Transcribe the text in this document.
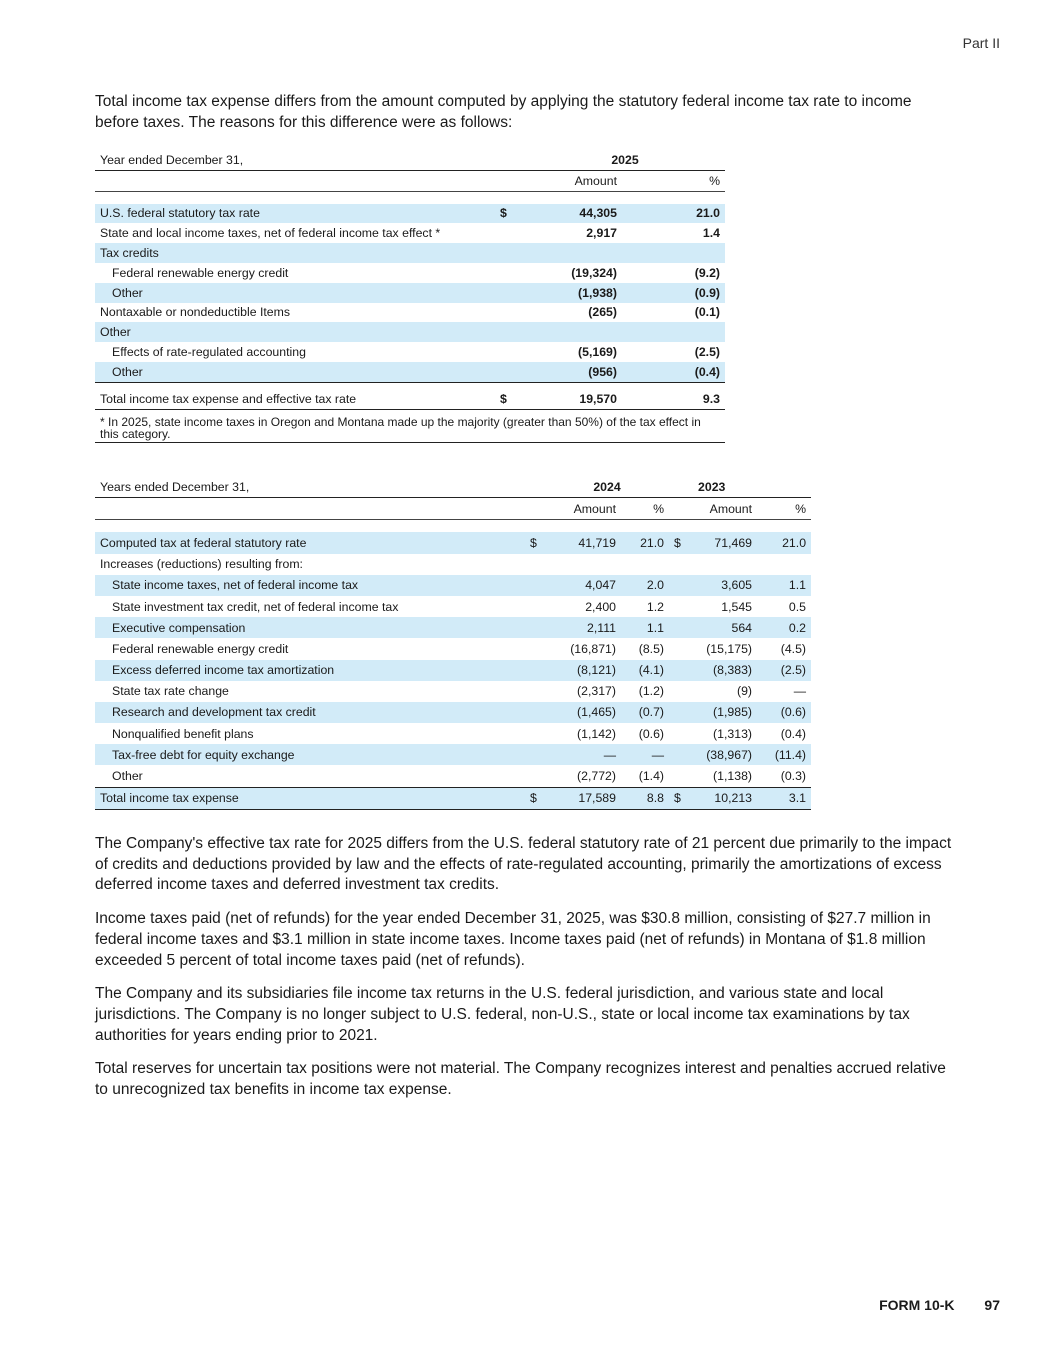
Part II

Total income tax expense differs from the amount computed by applying the statutory federal income tax rate to income before taxes. The reasons for this difference were as follows:

Year ended December 31,		2025	
		Amount	%

U.S. federal statutory tax rate	$	44,305	21.0
State and local income taxes, net of federal income tax effect *		2,917	1.4
Tax credits			
Federal renewable energy credit		(19,324)	(9.2)
Other		(1,938)	(0.9)
Nontaxable or nondeductible Items		(265)	(0.1)
Other			
Effects of rate-regulated accounting		(5,169)	(2.5)
Other		(956)	(0.4)

Total income tax expense and effective tax rate	$	19,570	9.3
* In 2025, state income taxes in Oregon and Montana made up the majority (greater than 50%) of the tax effect in this category.			
Years ended December 31,		2024			2023	
		Amount	%		Amount	%

Computed tax at federal statutory rate	$	41,719	21.0	$	71,469	21.0
Increases (reductions) resulting from:						
State income taxes, net of federal income tax		4,047	2.0		3,605	1.1
State investment tax credit, net of federal income tax		2,400	1.2		1,545	0.5
Executive compensation		2,111	1.1		564	0.2
Federal renewable energy credit		(16,871)	(8.5)		(15,175)	(4.5)
Excess deferred income tax amortization		(8,121)	(4.1)		(8,383)	(2.5)
State tax rate change		(2,317)	(1.2)		(9)	—
Research and development tax credit		(1,465)	(0.7)		(1,985)	(0.6)
Nonqualified benefit plans		(1,142)	(0.6)		(1,313)	(0.4)
Tax-free debt for equity exchange		—	—		(38,967)	(11.4)
Other		(2,772)	(1.4)		(1,138)	(0.3)
Total income tax expense	$	17,589	8.8	$	10,213	3.1

The Company's effective tax rate for 2025 differs from the U.S. federal statutory rate of 21 percent due primarily to the impact of credits and deductions provided by law and the effects of rate-regulated accounting, primarily the amortizations of excess deferred income taxes and deferred investment tax credits.

Income taxes paid (net of refunds) for the year ended December 31, 2025, was $30.8 million, consisting of $27.7 million in federal income taxes and $3.1 million in state income taxes. Income taxes paid (net of refunds) in Montana of $1.8 million exceeded 5 percent of total income taxes paid (net of refunds).

The Company and its subsidiaries file income tax returns in the U.S. federal jurisdiction, and various state and local jurisdictions. The Company is no longer subject to U.S. federal, non-U.S., state or local income tax examinations by tax authorities for years ending prior to 2021.

Total reserves for uncertain tax positions were not material. The Company recognizes interest and penalties accrued relative to unrecognized tax benefits in income tax expense.

FORM 10-K 97
